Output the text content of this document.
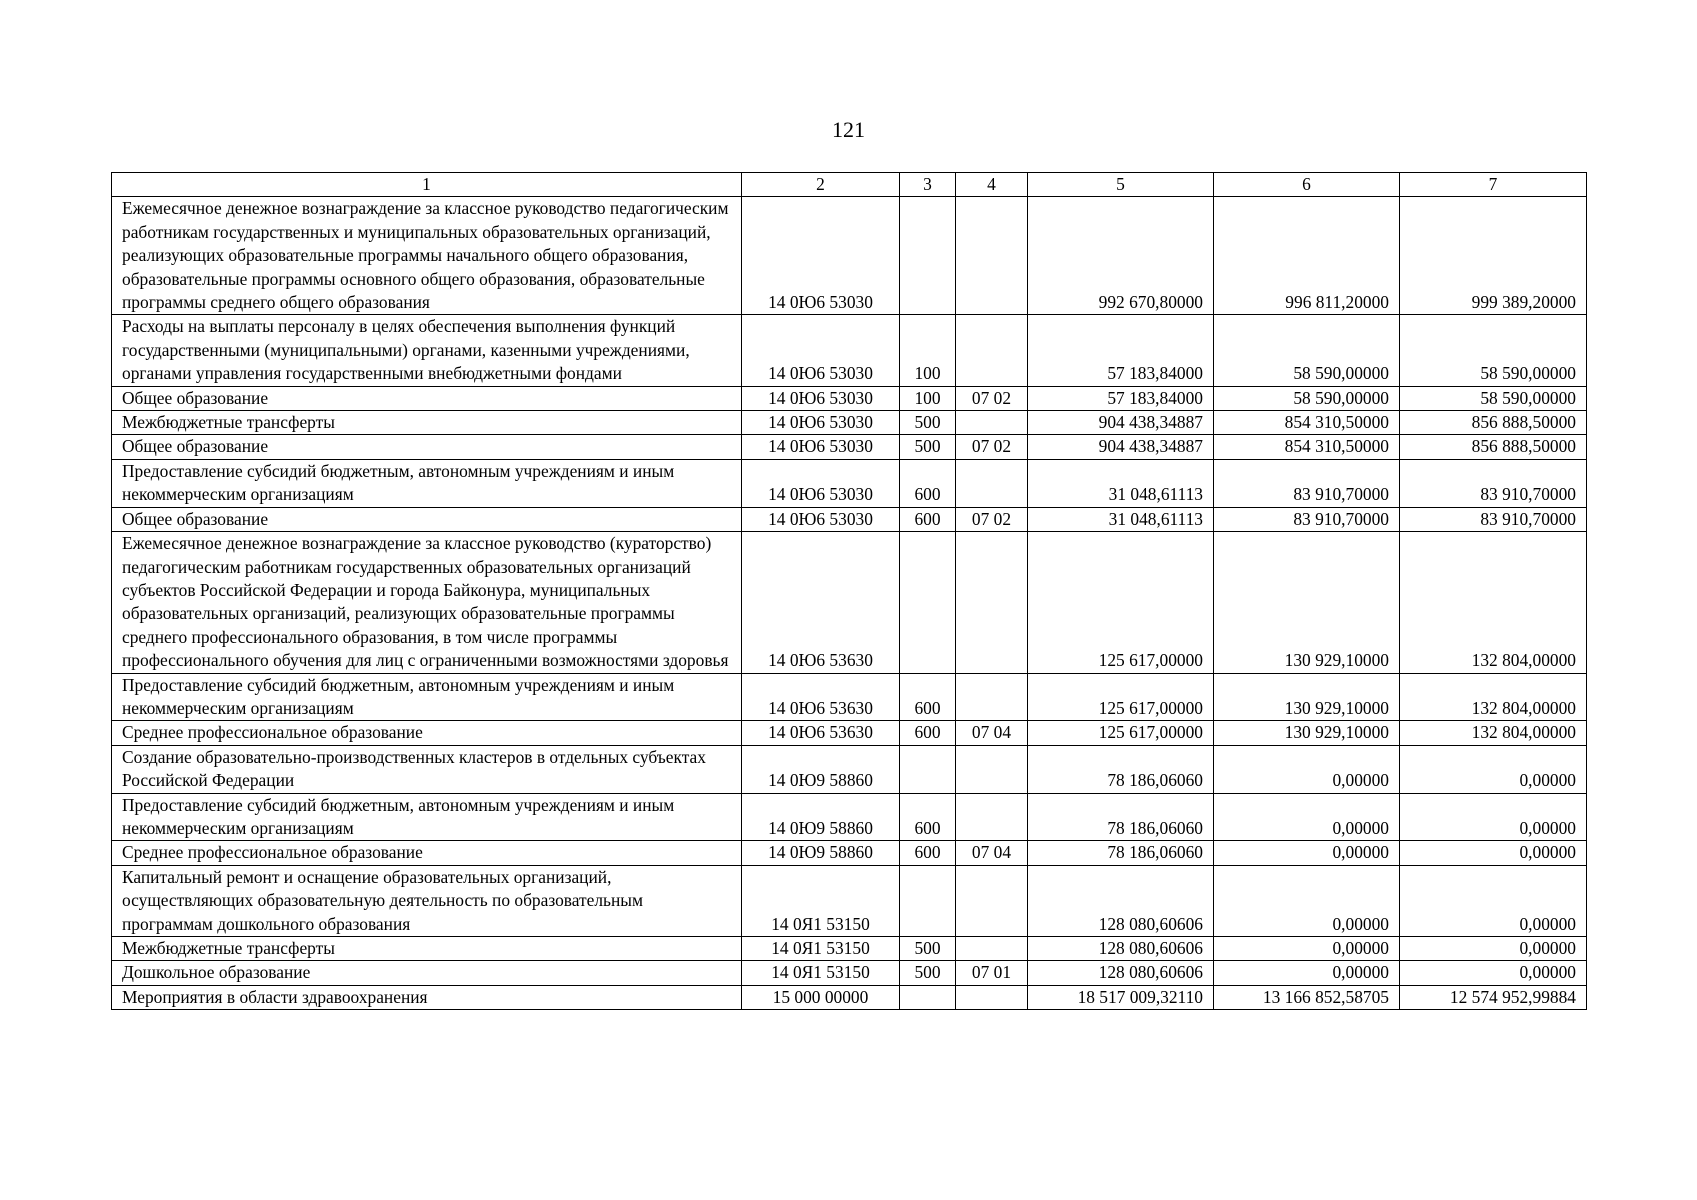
121
1	2	3	4	5	6	7
Ежемесячное денежное вознаграждение за классное руководство педагогическим работникам государственных и муниципальных образовательных организаций, реализующих образовательные программы начального общего образования, образовательные программы основного общего образования, образовательные программы среднего общего образования	14 0Ю6 53030			992 670,80000	996 811,20000	999 389,20000
Расходы на выплаты персоналу в целях обеспечения выполнения функций государственными (муниципальными) органами, казенными учреждениями, органами управления государственными внебюджетными фондами	14 0Ю6 53030	100		57 183,84000	58 590,00000	58 590,00000
Общее образование	14 0Ю6 53030	100	07 02	57 183,84000	58 590,00000	58 590,00000
Межбюджетные трансферты	14 0Ю6 53030	500		904 438,34887	854 310,50000	856 888,50000
Общее образование	14 0Ю6 53030	500	07 02	904 438,34887	854 310,50000	856 888,50000
Предоставление субсидий бюджетным, автономным учреждениям и иным некоммерческим организациям	14 0Ю6 53030	600		31 048,61113	83 910,70000	83 910,70000
Общее образование	14 0Ю6 53030	600	07 02	31 048,61113	83 910,70000	83 910,70000
Ежемесячное денежное вознаграждение за классное руководство (кураторство) педагогическим работникам государственных образовательных организаций субъектов Российской Федерации и города Байконура, муниципальных образовательных организаций, реализующих образовательные программы среднего профессионального образования, в том числе программы профессионального обучения для лиц с ограниченными возможностями здоровья	14 0Ю6 53630			125 617,00000	130 929,10000	132 804,00000
Предоставление субсидий бюджетным, автономным учреждениям и иным некоммерческим организациям	14 0Ю6 53630	600		125 617,00000	130 929,10000	132 804,00000
Среднее профессиональное образование	14 0Ю6 53630	600	07 04	125 617,00000	130 929,10000	132 804,00000
Создание образовательно-производственных кластеров в отдельных субъектах Российской Федерации	14 0Ю9 58860			78 186,06060	0,00000	0,00000
Предоставление субсидий бюджетным, автономным учреждениям и иным некоммерческим организациям	14 0Ю9 58860	600		78 186,06060	0,00000	0,00000
Среднее профессиональное образование	14 0Ю9 58860	600	07 04	78 186,06060	0,00000	0,00000
Капитальный ремонт и оснащение образовательных организаций, осуществляющих образовательную деятельность по образовательным программам дошкольного образования	14 0Я1 53150			128 080,60606	0,00000	0,00000
Межбюджетные трансферты	14 0Я1 53150	500		128 080,60606	0,00000	0,00000
Дошкольное образование	14 0Я1 53150	500	07 01	128 080,60606	0,00000	0,00000
Мероприятия в области здравоохранения	15 000 00000			18 517 009,32110	13 166 852,58705	12 574 952,99884
